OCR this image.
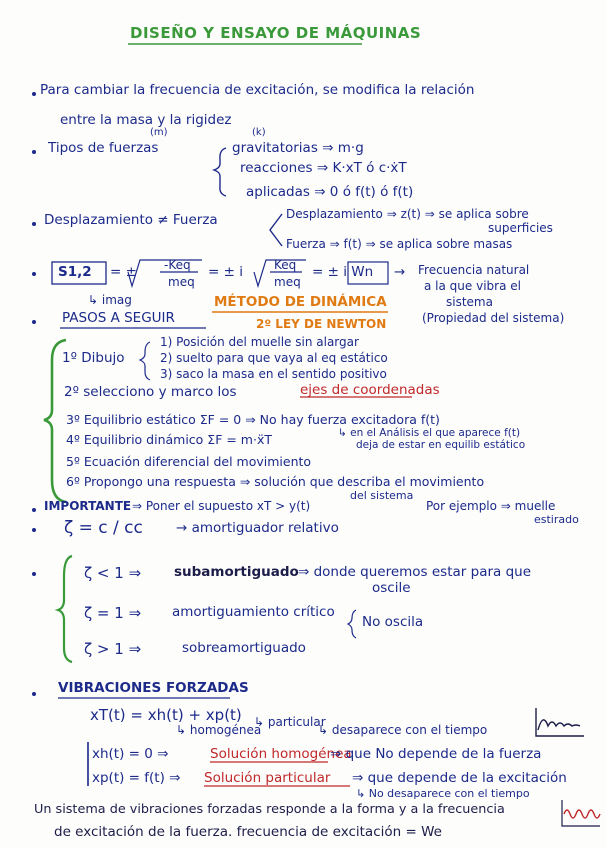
DISEÑO Y ENSAYO DE MÁQUINAS
Para cambiar la frecuencia de excitación, se modifica la relación
entre la masa y la rigidez
(m)	(k)
Tipos de fuerzas	gravitatorias ⇒ m·g
reacciones ⇒ K·xT ó c·ẋT
aplicadas ⇒ 0 ó f(t) ó f(t)
Desplazamiento ≠ Fuerza	Desplazamiento ⇒ z(t) ⇒ se aplica sobre
superficies
Fuerza ⇒ f(t) ⇒ se aplica sobre masas
S1,2 = ± -Keq
meq
= ± i	Keq
meq
= ± i Wn → Frecuencia natural
a la que vibra el
sistema
(Propiedad del sistema)
↳ imag	MÉTODO DE DINÁMICA
2º LEY DE NEWTON
PASOS A SEGUIR
1º Dibujo
1) Posición del muelle sin alargar
2) suelto para que vaya al eq estático
3) saco la masa en el sentido positivo
2º selecciono y marco los	ejes de coordenadas
3º Equilibrio estático ΣF = 0 ⇒ No hay fuerza excitadora f(t)
↳ en el Análisis el que aparece f(t)
deja de estar en equilib estático
4º Equilibrio dinámico ΣF = m·ẍT
5º Ecuación diferencial del movimiento
6º Propongo una respuesta ⇒ solución que describa el movimiento
del sistema
IMPORTANTE ⇒ Poner el supuesto xT > y(t)	Por ejemplo ⇒ muelle
estirado
ζ = c / cc → amortiguador relativo
ζ < 1 ⇒ subamortiguado ⇒ donde queremos estar para que
oscile
ζ = 1 ⇒ amortiguamiento crítico
No oscila
ζ > 1 ⇒	sobreamortiguado
VIBRACIONES FORZADAS
xT(t) = xh(t) + xp(t)
↳ homogénea
↳ particular
↳ desaparece con el tiempo
xh(t) = 0 ⇒	Solución homogénea
⇒ que No depende de la fuerza
xp(t) = f(t) ⇒ Solución particular ⇒ que depende de la excitación
↳ No desaparece con el tiempo
Un sistema de vibraciones forzadas responde a la forma y a la frecuencia
de excitación de la fuerza. frecuencia de excitación = We
